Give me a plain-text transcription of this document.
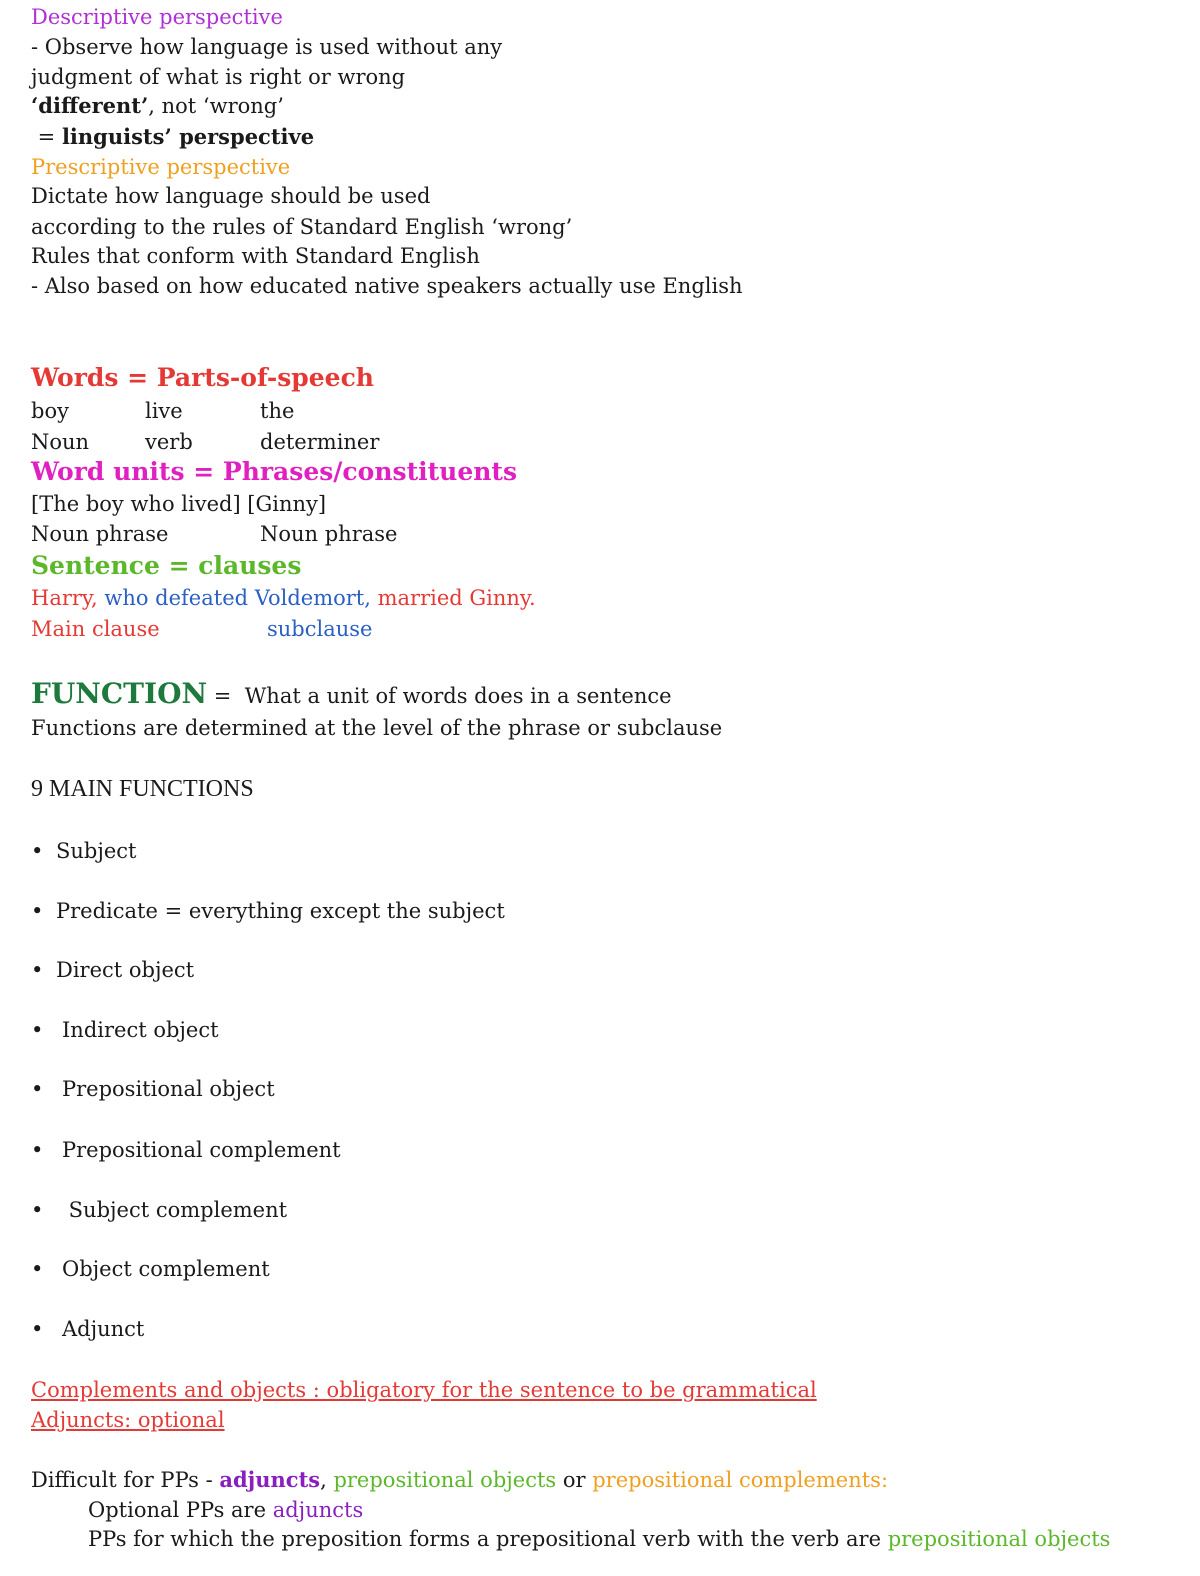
Descriptive perspective
- Observe how language is used without any
judgment of what is right or wrong
‘different’, not ‘wrong’
= linguists’ perspective
Prescriptive perspective
Dictate how language should be used
according to the rules of Standard English ‘wrong’
Rules that conform with Standard English
- Also based on how educated native speakers actually use English
Words = Parts-of-speech
boy	live	the
Noun	verb	determiner
Word units = Phrases/constituents
[The boy who lived] [Ginny]
Noun phrase	Noun phrase
Sentence = clauses
Harry, who defeated Voldemort, married Ginny.
Main clause	subclause
FUNCTION =  What a unit of words does in a sentence
Functions are determined at the level of the phrase or subclause
9 MAIN FUNCTIONS
• Subject
• Predicate = everything except the subject
• Direct object
• Indirect object
• Prepositional object
• Prepositional complement
• Subject complement
• Object complement
• Adjunct
Complements and objects : obligatory for the sentence to be grammatical
Adjuncts: optional
Difficult for PPs - adjuncts, prepositional objects or prepositional complements:
Optional PPs are adjuncts
PPs for which the preposition forms a prepositional verb with the verb are prepositional objects
